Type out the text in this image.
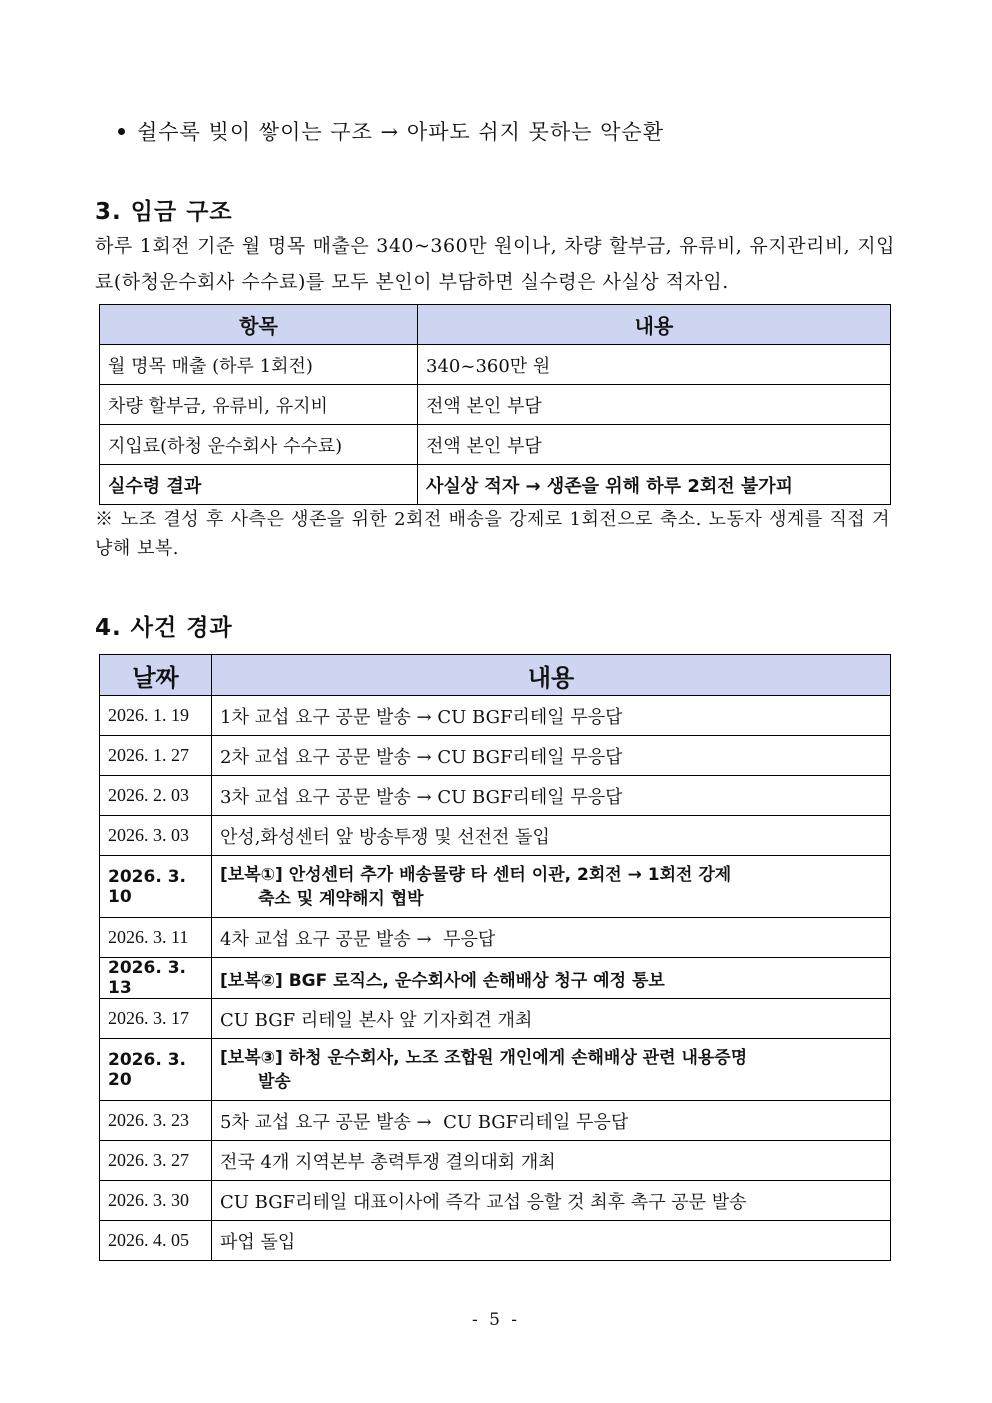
쉴수록 빚이 쌓이는 구조 → 아파도 쉬지 못하는 악순환
3. 임금 구조
하루 1회전 기준 월 명목 매출은 340~360만 원이나, 차량 할부금, 유류비, 유지관리비, 지입료(하청운수회사 수수료)를 모두 본인이 부담하면 실수령은 사실상 적자임.
항목	내용
월 명목 매출 (하루 1회전)	340~360만 원
차량 할부금, 유류비, 유지비	전액 본인 부담
지입료(하청 운수회사 수수료)	전액 본인 부담
실수령 결과	사실상 적자 → 생존을 위해 하루 2회전 불가피
※ 노조 결성 후 사측은 생존을 위한 2회전 배송을 강제로 1회전으로 축소. 노동자 생계를 직접 겨냥해 보복.
4. 사건 경과
날짜	내용
2026. 1. 19	1차 교섭 요구 공문 발송 → CU BGF리테일 무응답
2026. 1. 27	2차 교섭 요구 공문 발송 → CU BGF리테일 무응답
2026. 2. 03	3차 교섭 요구 공문 발송 → CU BGF리테일 무응답
2026. 3. 03	안성,화성센터 앞 방송투쟁 및 선전전 돌입
2026. 3. 10	[보복①] 안성센터 추가 배송물량 타 센터 이관, 2회전 → 1회전 강제
축소 및 계약해지 협박

2026. 3. 11	4차 교섭 요구 공문 발송 →  무응답
2026. 3. 13	[보복②] BGF 로직스, 운수회사에 손해배상 청구 예정 통보
2026. 3. 17	CU BGF 리테일 본사 앞 기자회견 개최
2026. 3. 20	[보복③] 하청 운수회사, 노조 조합원 개인에게 손해배상 관련 내용증명
발송

2026. 3. 23	5차 교섭 요구 공문 발송 →  CU BGF리테일 무응답
2026. 3. 27	전국 4개 지역본부 총력투쟁 결의대회 개최
2026. 3. 30	CU BGF리테일 대표이사에 즉각 교섭 응할 것 최후 촉구 공문 발송
2026. 4. 05	파업 돌입
- 5 -
